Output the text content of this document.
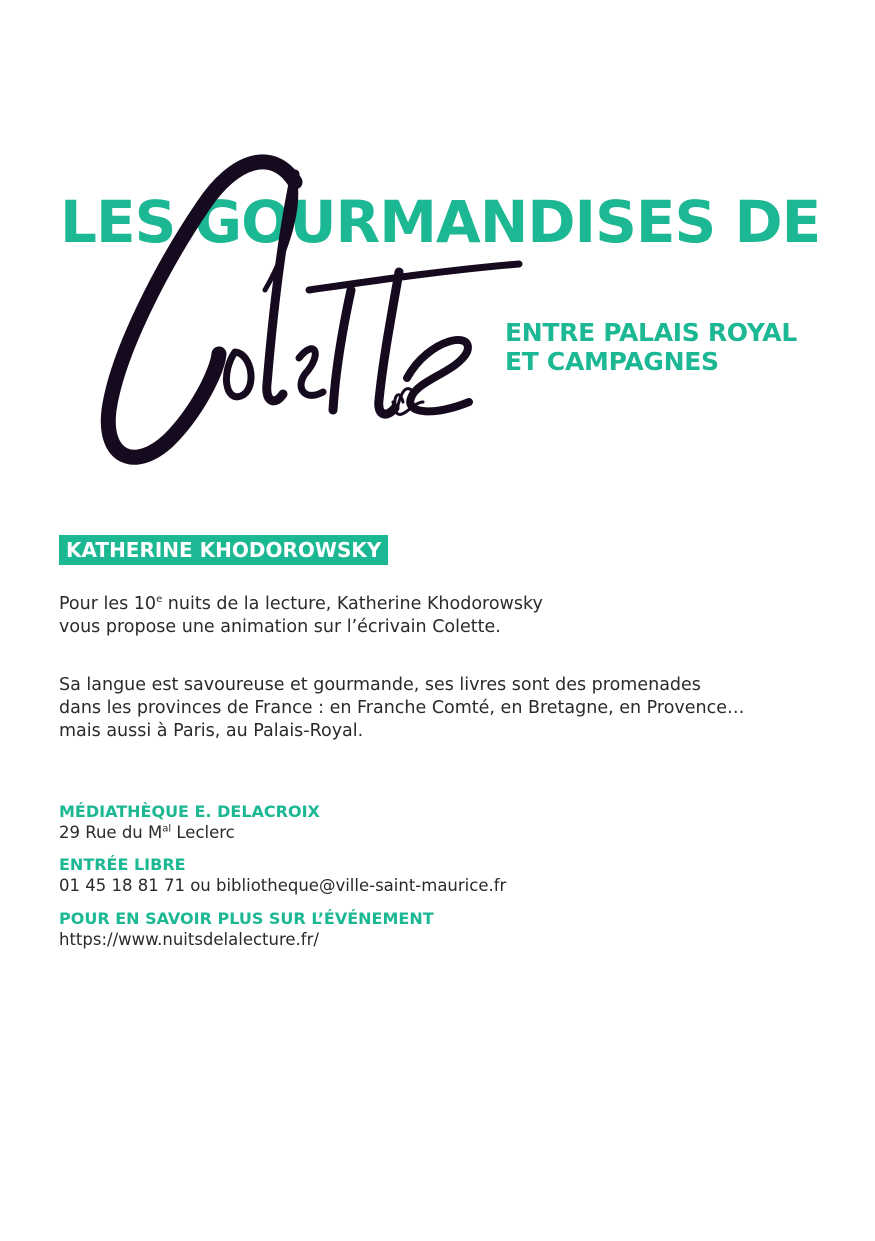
LES GOURMANDISES DE
ENTRE PALAIS ROYAL
ET CAMPAGNES
KATHERINE KHODOROWSKY
Pour les 10e nuits de la lecture, Katherine Khodorowsky
vous propose une animation sur l’écrivain Colette.
Sa langue est savoureuse et gourmande, ses livres sont des promenades
dans les provinces de France : en Franche Comté, en Bretagne, en Provence…
mais aussi à Paris, au Palais-Royal.
MÉDIATHÈQUE E. DELACROIX
29 Rue du $M^{al}$ Leclerc
ENTRÉE LIBRE
01 45 18 81 71 ou bibliotheque@ville-saint-maurice.fr
POUR EN SAVOIR PLUS SUR L’ÉVÉNEMENT
https://www.nuitsdelalecture.fr/
